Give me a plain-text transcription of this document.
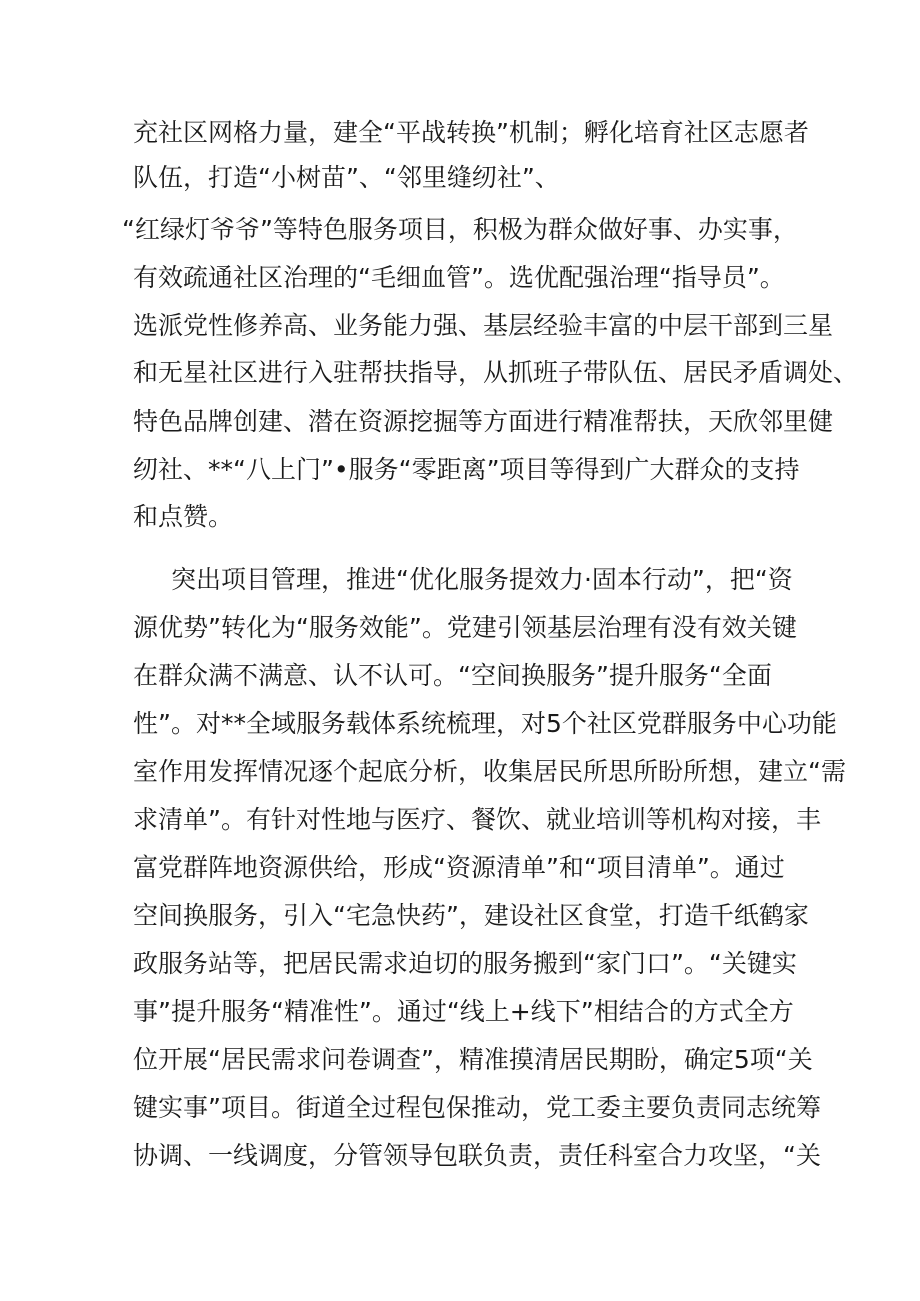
充社区网格力量，建全“平战转换”机制；孵化培育社区志愿者
队伍，打造“小树苗”、“邻里缝纫社”、
“红绿灯爷爷”等特色服务项目，积极为群众做好事、办实事，
有效疏通社区治理的“毛细血管”。选优配强治理“指导员”。
选派党性修养高、业务能力强、基层经验丰富的中层干部到三星
和无星社区进行入驻帮扶指导，从抓班子带队伍、居民矛盾调处、
特色品牌创建、潜在资源挖掘等方面进行精准帮扶，天欣邻里健
纫社、**“八上门”•服务“零距离”项目等得到广大群众的支持
和点赞。
突出项目管理，推进“优化服务提效力·固本行动”，把“资
源优势”转化为“服务效能”。党建引领基层治理有没有效关键
在群众满不满意、认不认可。“空间换服务”提升服务“全面
性”。对**全域服务载体系统梳理，对5个社区党群服务中心功能
室作用发挥情况逐个起底分析，收集居民所思所盼所想，建立“需
求清单”。有针对性地与医疗、餐饮、就业培训等机构对接，丰
富党群阵地资源供给，形成“资源清单”和“项目清单”。通过
空间换服务，引入“宅急快药”，建设社区食堂，打造千纸鹤家
政服务站等，把居民需求迫切的服务搬到“家门口”。“关键实
事”提升服务“精准性”。通过“线上+线下”相结合的方式全方
位开展“居民需求问卷调查”，精准摸清居民期盼，确定5项“关
键实事”项目。街道全过程包保推动，党工委主要负责同志统筹
协调、一线调度，分管领导包联负责，责任科室合力攻坚，“关
